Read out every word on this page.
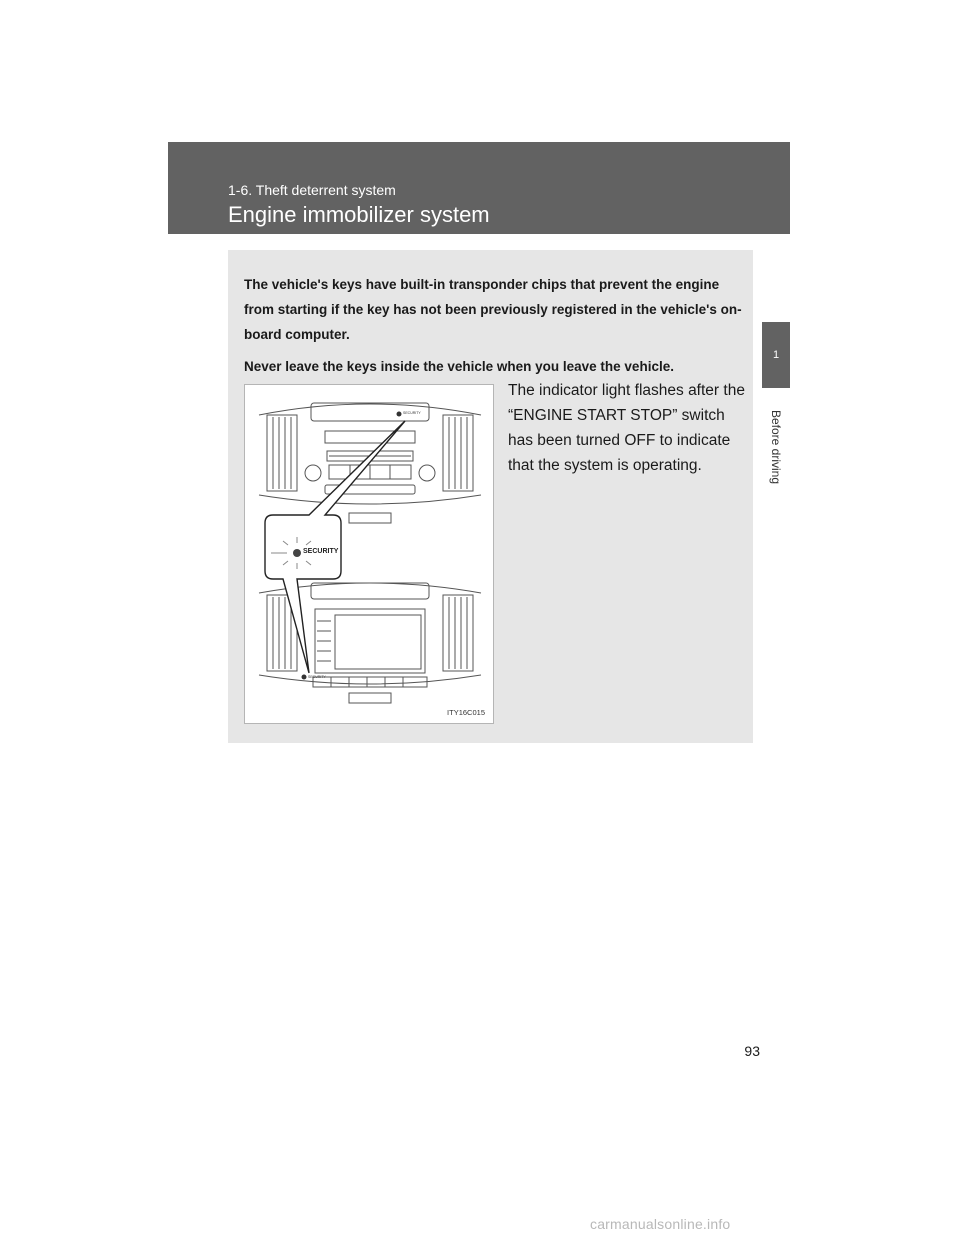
1-6. Theft deterrent system
Engine immobilizer system
1
Before driving

The vehicle's keys have built-in transponder chips that prevent the engine from starting if the key has not been previously registered in the vehicle's on-board computer.

Never leave the keys inside the vehicle when you leave the vehicle.

SECURITY
SECURITY
SECURITY
ITY16C015
The indicator light flashes after the “ENGINE START STOP” switch has been turned OFF to indicate that the system is operating.
93
carmanualsonline.info
